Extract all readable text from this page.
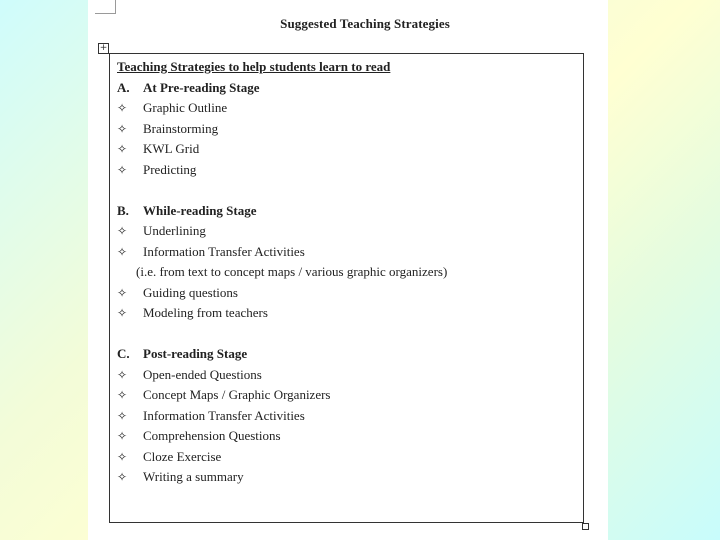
Suggested Teaching Strategies
+
Teaching Strategies to help students learn to read
A. At Pre-reading Stage
✧ Graphic Outline
✧ Brainstorming
✧ KWL Grid
✧ Predicting
B. While-reading Stage
✧ Underlining
✧ Information Transfer Activities
(i.e. from text to concept maps / various graphic organizers)
✧ Guiding questions
✧ Modeling from teachers
C. Post-reading Stage
✧ Open-ended Questions
✧ Concept Maps / Graphic Organizers
✧ Information Transfer Activities
✧ Comprehension Questions
✧ Cloze Exercise
✧ Writing a summary
